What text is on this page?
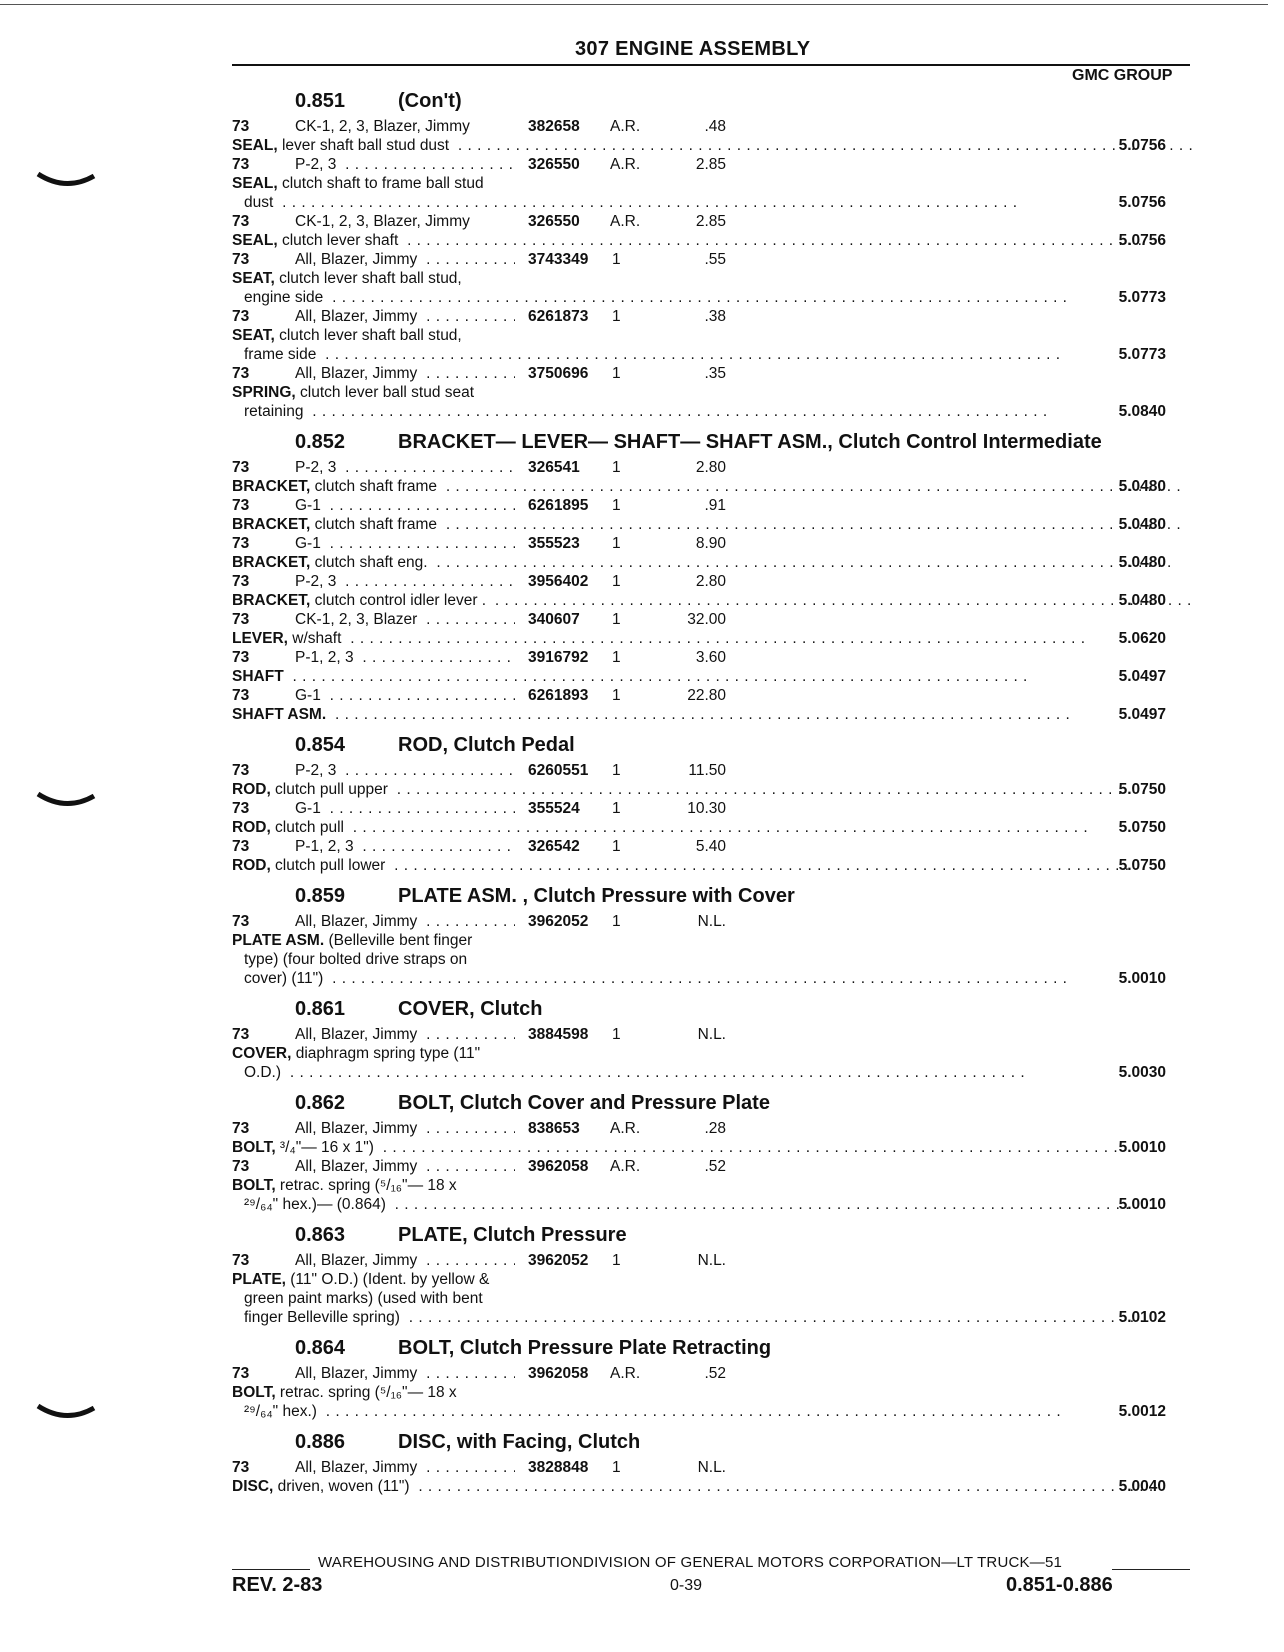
307 ENGINE ASSEMBLY
GMC GROUP
0.851	(Con't)
73	CK-1, 2, 3, Blazer, Jimmy	382658 A.R.	.48
SEAL, lever shaft ball stud dust . . .	5.0756
73	P-2, 3 . . .	326550 A.R.	2.85
SEAL, clutch shaft to frame ball stud
dust . . .	5.0756
73	CK-1, 2, 3, Blazer, Jimmy	326550 A.R.	2.85
SEAL, clutch lever shaft . . .	5.0756
73	All, Blazer, Jimmy . . .	3743349 1	.55
SEAT, clutch lever shaft ball stud,
engine side . . .	5.0773
73	All, Blazer, Jimmy . . .	6261873 1	.38
SEAT, clutch lever shaft ball stud,
frame side . . .	5.0773
73	All, Blazer, Jimmy . . .	3750696 1	.35
SPRING, clutch lever ball stud seat
retaining . . .	5.0840
0.852	BRACKET— LEVER— SHAFT— SHAFT ASM., Clutch Control Intermediate
73	P-2, 3 . . .	326541 1	2.80
BRACKET, clutch shaft frame . . .	5.0480
73	G-1 . . .	6261895 1	.91
BRACKET, clutch shaft frame . . .	5.0480
73	G-1 . . .	355523 1	8.90
BRACKET, clutch shaft eng. . . .	5.0480
73	P-2, 3 . . .	3956402 1	2.80
BRACKET, clutch control idler lever . . . .	5.0480
73	CK-1, 2, 3, Blazer . . .	340607 1	32.00
LEVER, w/shaft . . .	5.0620
73	P-1, 2, 3 . . .	3916792 1	3.60
SHAFT . . .	5.0497
73	G-1 . . .	6261893 1	22.80
SHAFT ASM. . . .	5.0497
0.854	ROD, Clutch Pedal
73	P-2, 3 . . .	6260551 1	11.50
ROD, clutch pull upper . . .	5.0750
73	G-1 . . .	355524 1	10.30
ROD, clutch pull . . .	5.0750
73	P-1, 2, 3 . . .	326542 1	5.40
ROD, clutch pull lower . . .	5.0750
0.859	PLATE ASM. , Clutch Pressure with Cover
73	All, Blazer, Jimmy . . .	3962052 1	N.L.
PLATE ASM. (Belleville bent finger
type) (four bolted drive straps on
cover) (11") . . .	5.0010
0.861	COVER, Clutch
73	All, Blazer, Jimmy . . .	3884598 1	N.L.
COVER, diaphragm spring type (11"
O.D.) . . .	5.0030
0.862	BOLT, Clutch Cover and Pressure Plate
73	All, Blazer, Jimmy . . .	838653 A.R.	.28
BOLT, ³/₄"— 16 x 1") . . .	5.0010
73	All, Blazer, Jimmy . . .	3962058 A.R.	.52
BOLT, retrac. spring (⁵/₁₆"— 18 x
²⁹/₆₄" hex.)— (0.864) . . .	5.0010
0.863	PLATE, Clutch Pressure
73	All, Blazer, Jimmy . . .	3962052 1	N.L.
PLATE, (11" O.D.) (Ident. by yellow &
green paint marks) (used with bent
finger Belleville spring) . . .	5.0102
0.864	BOLT, Clutch Pressure Plate Retracting
73	All, Blazer, Jimmy . . .	3962058 A.R.	.52
BOLT, retrac. spring (⁵/₁₆"— 18 x
²⁹/₆₄" hex.) . . .	5.0012
0.886	DISC, with Facing, Clutch
73	All, Blazer, Jimmy . . .	3828848 1	N.L.
DISC, driven, woven (11") . . .	5.0040
WAREHOUSING AND DISTRIBUTIONDIVISION OF GENERAL MOTORS CORPORATION—LT TRUCK—51
REV. 2-83	0-39	0.851-0.886
